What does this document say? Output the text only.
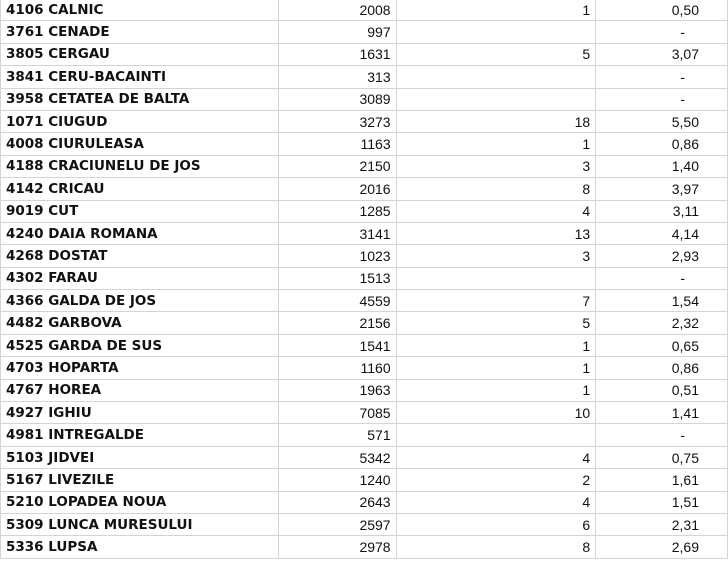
4106 CALNIC	2008	1	0,50
3761 CENADE	997		-
3805 CERGAU	1631	5	3,07
3841 CERU-BACAINTI	313		-
3958 CETATEA DE BALTA	3089		-
1071 CIUGUD	3273	18	5,50
4008 CIURULEASA	1163	1	0,86
4188 CRACIUNELU DE JOS	2150	3	1,40
4142 CRICAU	2016	8	3,97
9019 CUT	1285	4	3,11
4240 DAIA ROMANA	3141	13	4,14
4268 DOSTAT	1023	3	2,93
4302 FARAU	1513		-
4366 GALDA DE JOS	4559	7	1,54
4482 GARBOVA	2156	5	2,32
4525 GARDA DE SUS	1541	1	0,65
4703 HOPARTA	1160	1	0,86
4767 HOREA	1963	1	0,51
4927 IGHIU	7085	10	1,41
4981 INTREGALDE	571		-
5103 JIDVEI	5342	4	0,75
5167 LIVEZILE	1240	2	1,61
5210 LOPADEA NOUA	2643	4	1,51
5309 LUNCA MURESULUI	2597	6	2,31
5336 LUPSA	2978	8	2,69
